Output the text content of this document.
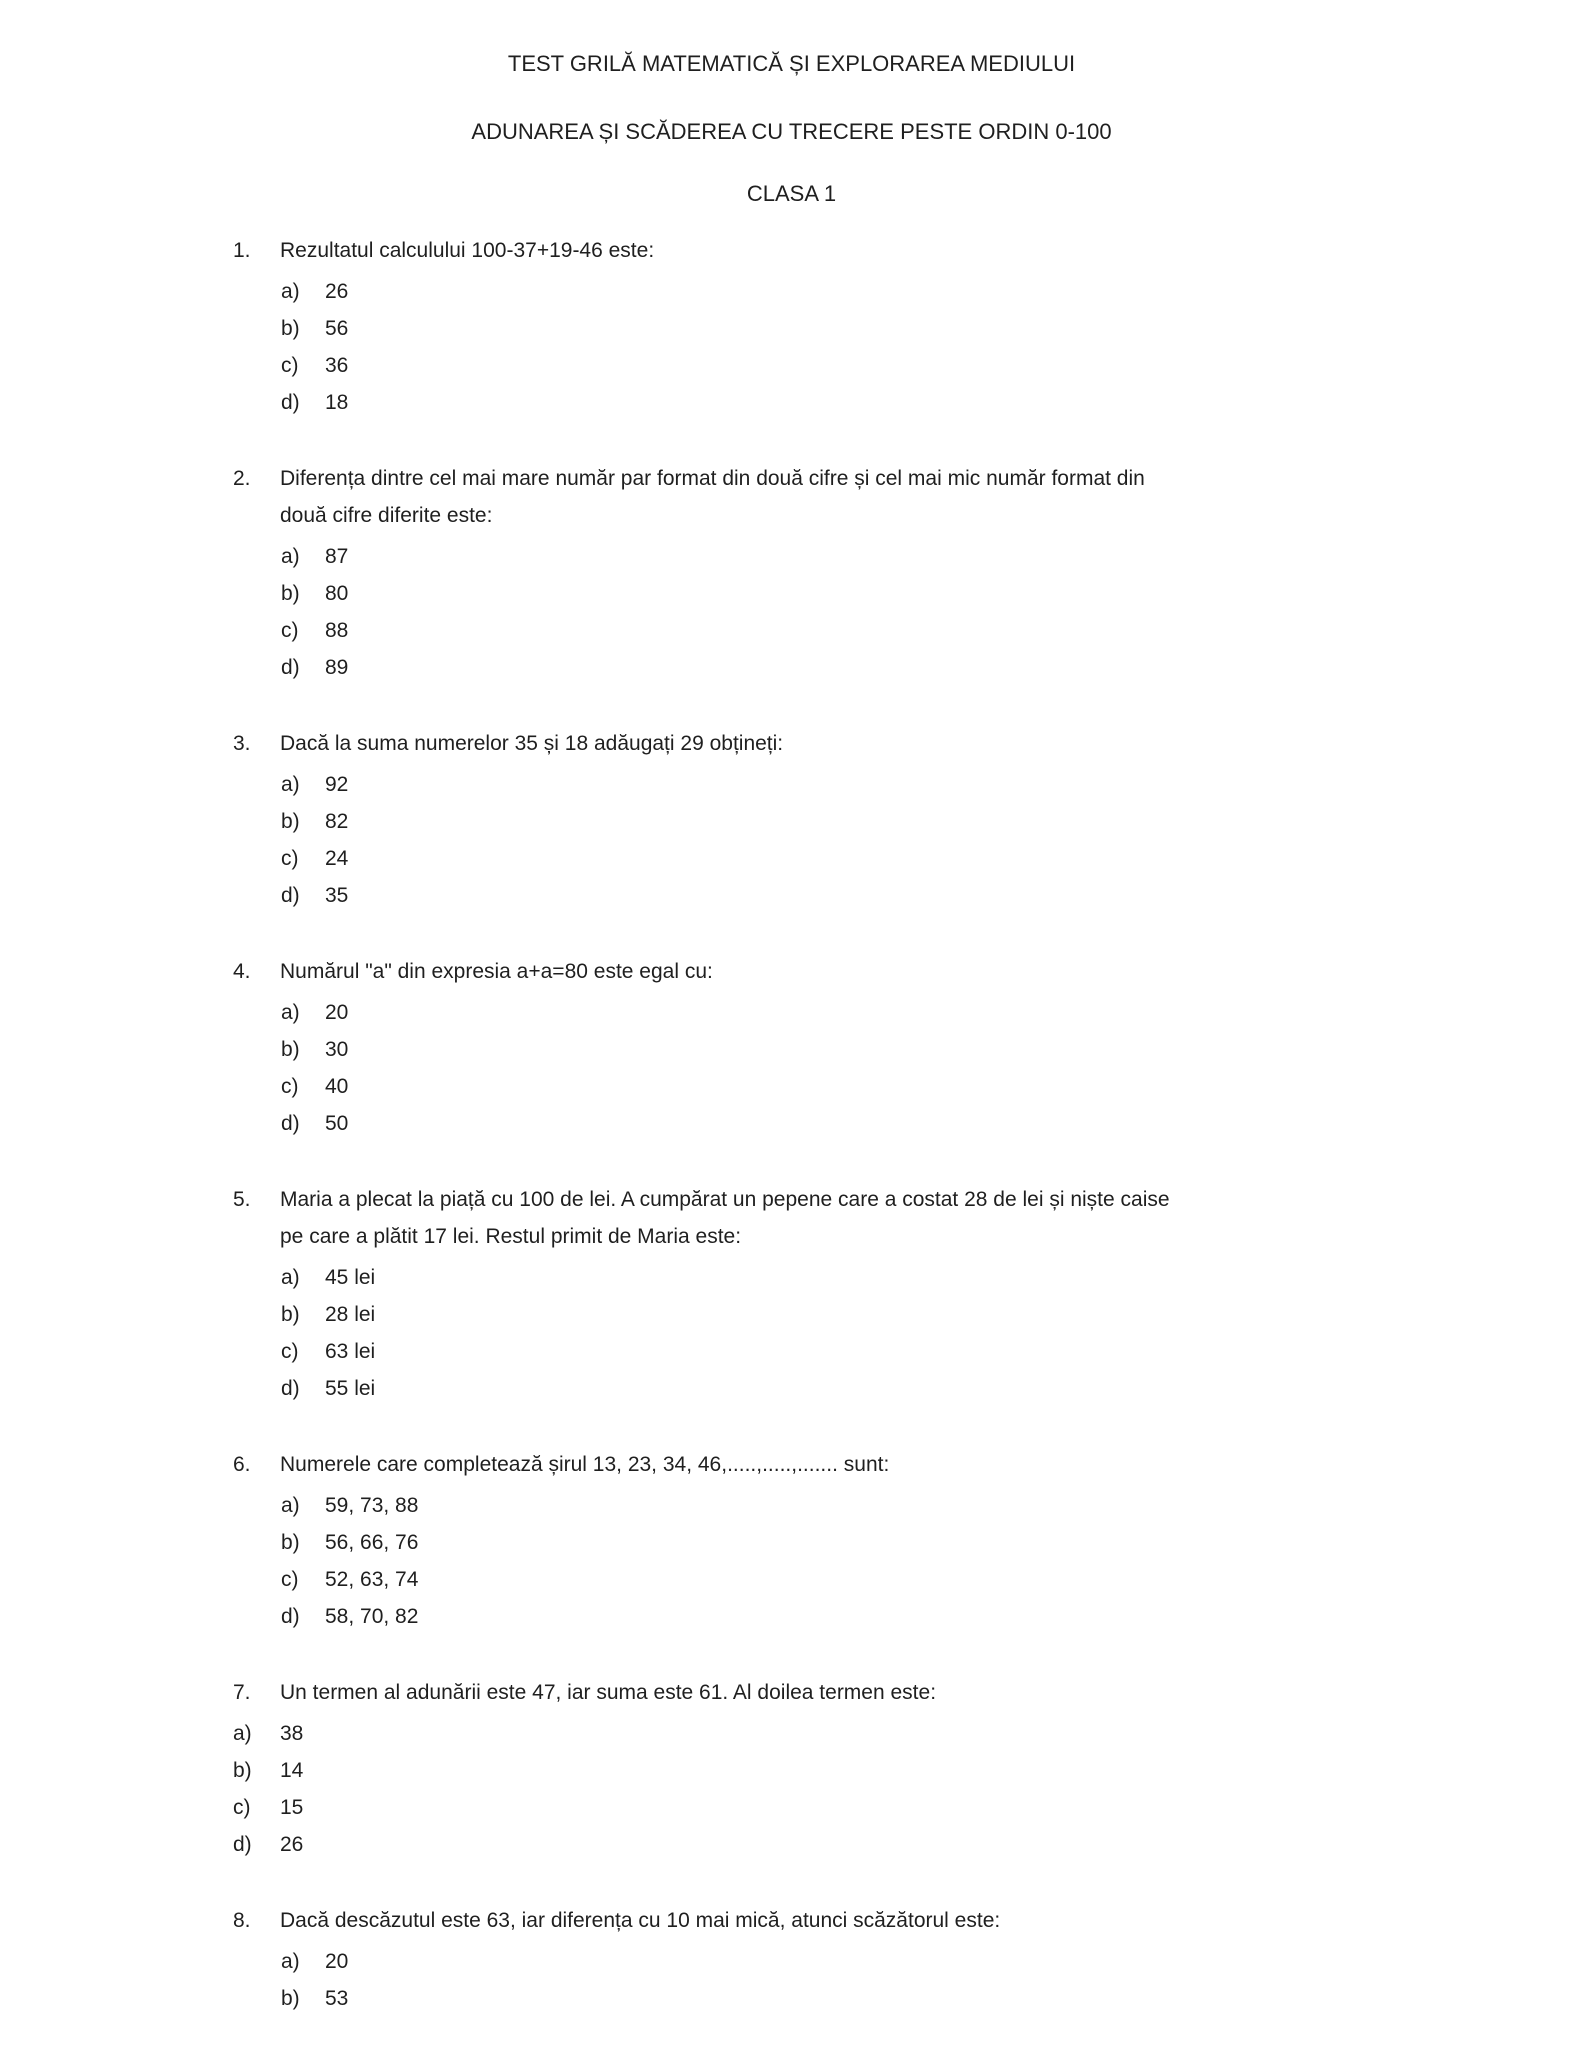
TEST GRILĂ MATEMATICĂ ȘI EXPLORAREA MEDIULUI
ADUNAREA ȘI SCĂDEREA CU TRECERE PESTE ORDIN 0-100
CLASA 1
1.	Rezultatul calculului 100-37+19-46 este:
a)	26
b)	56
c)	36
d)	18
2.	Diferența dintre cel mai mare număr par format din două cifre și cel mai mic număr format din
două cifre diferite este:
a)	87
b)	80
c)	88
d)	89
3.	Dacă la suma numerelor 35 și 18 adăugați 29 obțineți:
a)	92
b)	82
c)	24
d)	35
4.	Numărul "a" din expresia a+a=80 este egal cu:
a)	20
b)	30
c)	40
d)	50
5.	Maria a plecat la piață cu 100 de lei. A cumpărat un pepene care a costat 28 de lei și niște caise
pe care a plătit 17 lei. Restul primit de Maria este:
a)	45 lei
b)	28 lei
c)	63 lei
d)	55 lei
6.	Numerele care completează șirul 13, 23, 34, 46,.....,.....,....... sunt:
a)	59, 73, 88
b)	56, 66, 76
c)	52, 63, 74
d)	58, 70, 82
7.	Un termen al adunării este 47, iar suma este 61. Al doilea termen este:
a)	38
b)	14
c)	15
d)	26
8.	Dacă descăzutul este 63, iar diferența cu 10 mai mică, atunci scăzătorul este:
a)	20
b)	53
